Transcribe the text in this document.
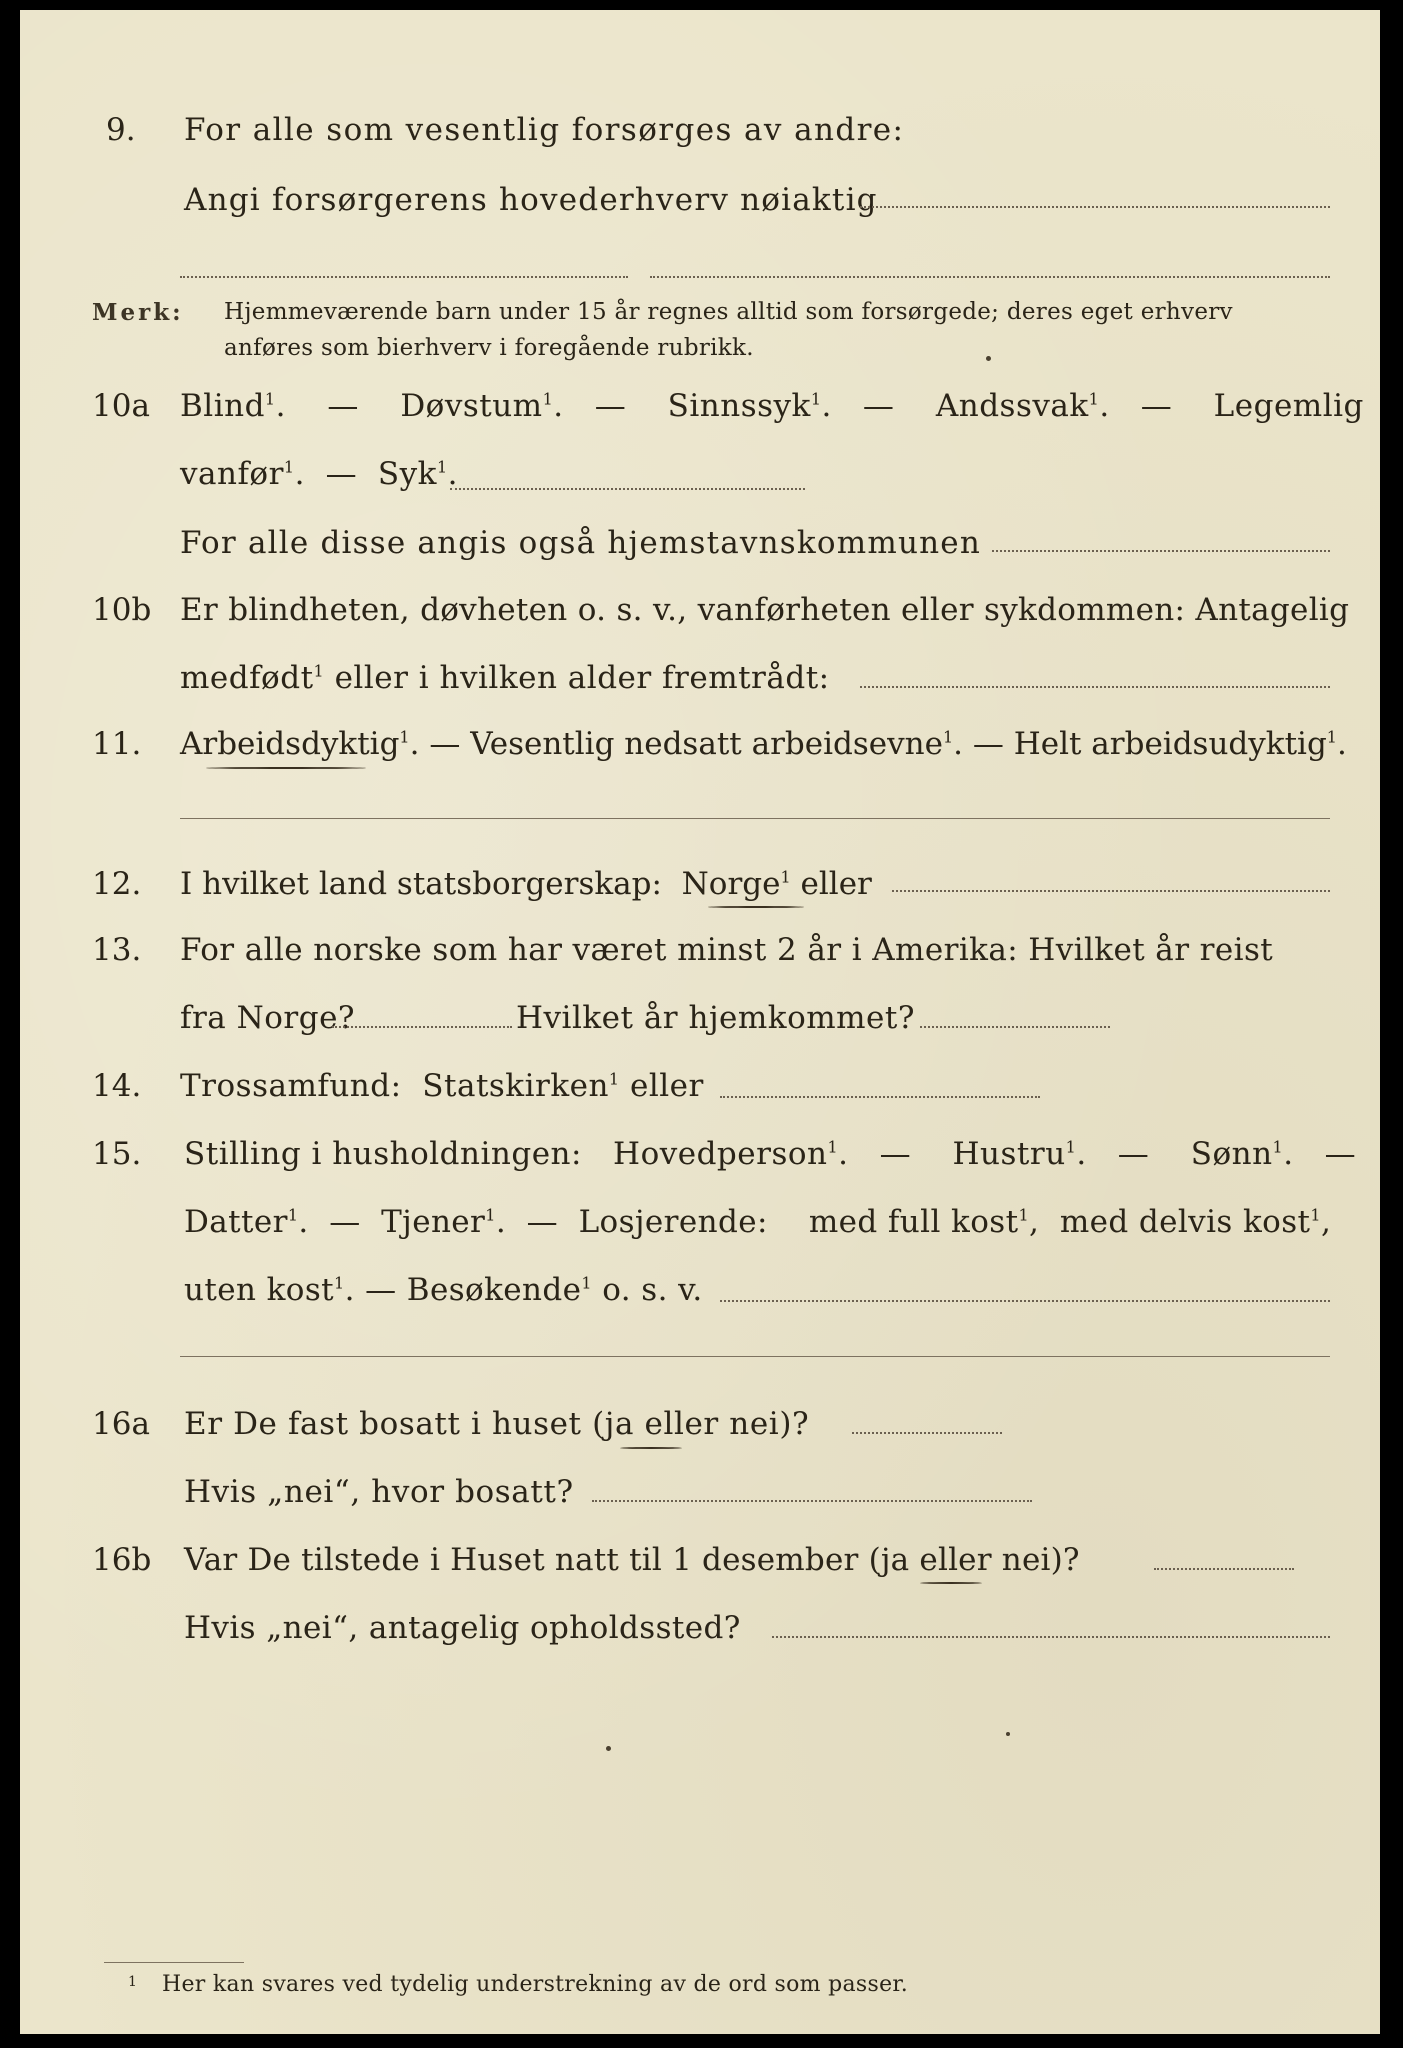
9. For alle som vesentlig forsørges av andre:
Angi forsørgerens hovederhverv nøiaktig
Merk: Hjemmeværende barn under 15 år regnes alltid som forsørgede; deres eget erhverv
anføres som bierhverv i foregående rubrikk.
10a Blind$^1$.    — Døvstum$^1$.   — Sinnssyk$^1$.   — Andssvak$^1$.   — Legemlig
vanfør$^1$.  — Syk$^1$.
For alle disse angis også hjemstavnskommunen
10b Er blindheten, døvheten o. s. v., vanførheten eller sykdommen: Antagelig
medfødt$^1$ eller i hvilken alder fremtrådt:
11. Arbeidsdyktig$^1$. — Vesentlig nedsatt arbeidsevne$^1$. — Helt arbeidsudyktig$^1$.
12. I hvilket land statsborgerskap: Norge$^1$ eller
13. For alle norske som har været minst 2 år i Amerika: Hvilket år reist
fra Norge?	Hvilket år hjemkommet?
14. Trossamfund: Statskirken$^1$ eller
15. Stilling i husholdningen: Hovedperson$^1$.   — Hustru$^1$.   — Sønn$^1$.   —
Datter$^1$.  — Tjener$^1$.  — Losjerende: med full kost$^1$,  med delvis kost$^1$,
uten kost$^1$. — Besøkende$^1$ o. s. v.
16a Er De fast bosatt i huset (ja eller nei)?
Hvis „nei“, hvor bosatt?
16b Var De tilstede i Huset natt til 1 desember (ja eller nei)?
Hvis „nei“, antagelig opholdssted?
1 Her kan svares ved tydelig understrekning av de ord som passer.
